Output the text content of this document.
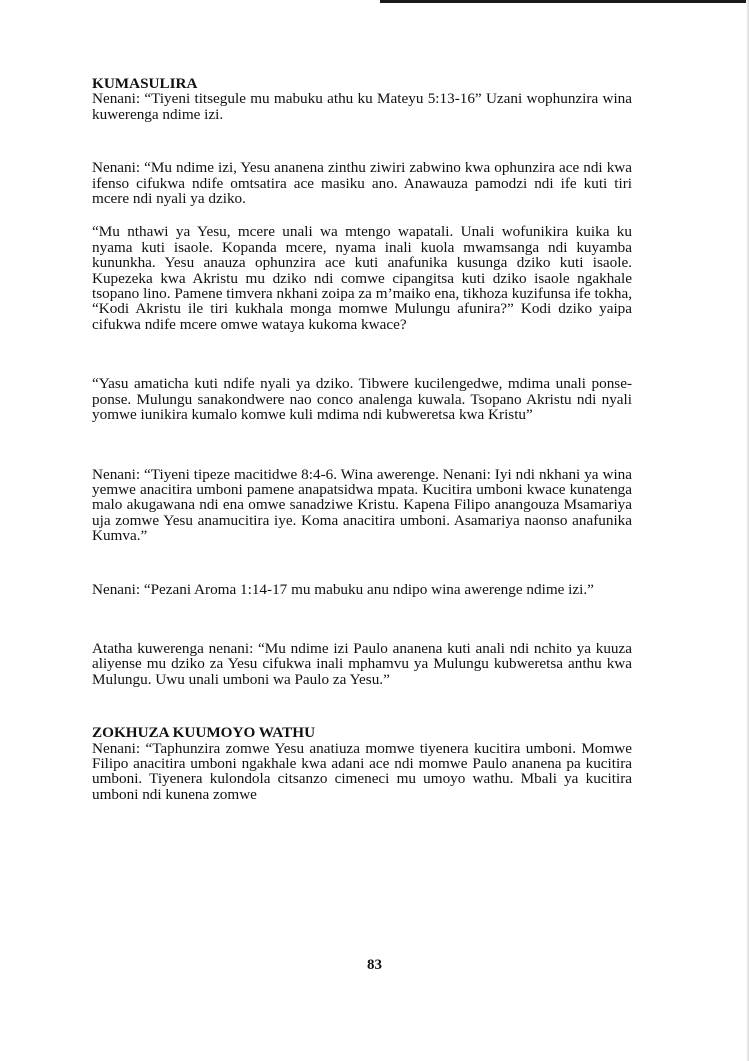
KUMASULIRA

Nenani: “Tiyeni titsegule mu mabuku athu ku Mateyu 5:13-16” Uzani wophunzira wina kuwerenga ndime izi.

Nenani: “Mu ndime izi, Yesu ananena zinthu ziwiri zabwino kwa ophunzira ace ndi kwa ifenso cifukwa ndife omtsatira ace masiku ano. Anawauza pamodzi ndi ife kuti tiri mcere ndi nyali ya dziko.

“Mu nthawi ya Yesu, mcere unali wa mtengo wapatali. Unali wofunikira kuika ku nyama kuti isaole. Kopanda mcere, nyama inali kuola mwamsanga ndi kuyamba kununkha. Yesu anauza ophunzira ace kuti anafunika kusunga dziko kuti isaole. Kupezeka kwa Akristu mu dziko ndi comwe cipangitsa kuti dziko isaole ngakhale tsopano lino. Pamene timvera nkhani zoipa za m’maiko ena, tikhoza kuzifunsa ife tokha, “Kodi Akristu ile tiri kukhala monga momwe Mulungu afunira?” Kodi dziko yaipa cifukwa ndife mcere omwe wataya kukoma kwace?

“Yasu amaticha kuti ndife nyali ya dziko. Tibwere kucilengedwe, mdima unali ponse-ponse. Mulungu sanakondwere nao conco analenga kuwala. Tsopano Akristu ndi nyali yomwe iunikira kumalo komwe kuli mdima ndi kubweretsa kwa Kristu”

Nenani: “Tiyeni tipeze macitidwe 8:4-6. Wina awerenge. Nenani: Iyi ndi nkhani ya wina yemwe anacitira umboni pamene anapatsidwa mpata. Kucitira umboni kwace kunatenga malo akugawana ndi ena omwe sanadziwe Kristu. Kapena Filipo anangouza Msamariya uja zomwe Yesu anamucitira iye. Koma anacitira umboni. Asamariya naonso anafunika Kumva.”

Nenani: “Pezani Aroma 1:14-17 mu mabuku anu ndipo wina awerenge ndime izi.”

Atatha kuwerenga nenani: “Mu ndime izi Paulo ananena kuti anali ndi nchito ya kuuza aliyense mu dziko za Yesu cifukwa inali mphamvu ya Mulungu kubweretsa anthu kwa Mulungu. Uwu unali umboni wa Paulo za Yesu.”

ZOKHUZA KUUMOYO WATHU

Nenani: “Taphunzira zomwe Yesu anatiuza momwe tiyenera kucitira umboni. Momwe Filipo anacitira umboni ngakhale kwa adani ace ndi momwe Paulo ananena pa kucitira umboni. Tiyenera kulondola citsanzo cimeneci mu umoyo wathu. Mbali ya kucitira umboni ndi kunena zomwe

83
